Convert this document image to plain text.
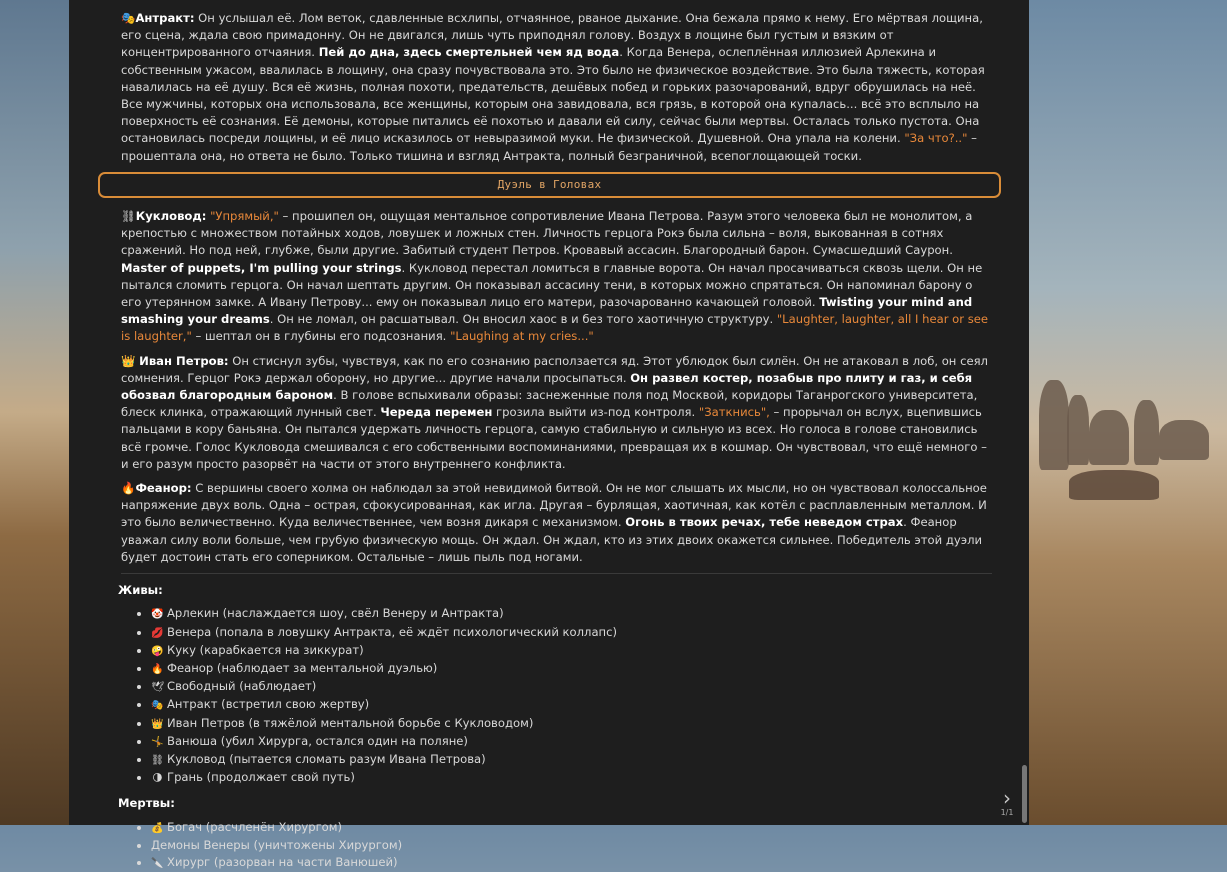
🎭Антракт: Он услышал её. Лом веток, сдавленные всхлипы, отчаянное, рваное дыхание. Она бежала прямо к нему. Его мёртвая лощина, его сцена, ждала свою примадонну. Он не двигался, лишь чуть приподнял голову. Воздух в лощине был густым и вязким от концентрированного отчаяния. Пей до дна, здесь смертельней чем яд вода. Когда Венера, ослеплённая иллюзией Арлекина и собственным ужасом, ввалилась в лощину, она сразу почувствовала это. Это было не физическое воздействие. Это была тяжесть, которая навалилась на её душу. Вся её жизнь, полная похоти, предательств, дешёвых побед и горьких разочарований, вдруг обрушилась на неё. Все мужчины, которых она использовала, все женщины, которым она завидовала, вся грязь, в которой она купалась... всё это всплыло на поверхность её сознания. Её демоны, которые питались её похотью и давали ей силу, сейчас были мертвы. Осталась только пустота. Она остановилась посреди лощины, и её лицо исказилось от невыразимой муки. Не физической. Душевной. Она упала на колени. "За что?.." – прошептала она, но ответа не было. Только тишина и взгляд Антракта, полный безграничной, всепоглощающей тоски.

Дуэль в Головах

⛓Кукловод: "Упрямый," – прошипел он, ощущая ментальное сопротивление Ивана Петрова. Разум этого человека был не монолитом, а крепостью с множеством потайных ходов, ловушек и ложных стен. Личность герцога Рокэ была сильна – воля, выкованная в сотнях сражений. Но под ней, глубже, были другие. Забитый студент Петров. Кровавый ассасин. Благородный барон. Сумасшедший Саурон. Master of puppets, I'm pulling your strings. Кукловод перестал ломиться в главные ворота. Он начал просачиваться сквозь щели. Он не пытался сломить герцога. Он начал шептать другим. Он показывал ассасину тени, в которых можно спрятаться. Он напоминал барону о его утерянном замке. А Ивану Петрову... ему он показывал лицо его матери, разочарованно качающей головой. Twisting your mind and smashing your dreams. Он не ломал, он расшатывал. Он вносил хаос в и без того хаотичную структуру. "Laughter, laughter, all I hear or see is laughter," – шептал он в глубины его подсознания. "Laughing at my cries..."

👑 Иван Петров: Он стиснул зубы, чувствуя, как по его сознанию расползается яд. Этот ублюдок был силён. Он не атаковал в лоб, он сеял сомнения. Герцог Рокэ держал оборону, но другие... другие начали просыпаться. Он развел костер, позабыв про плиту и газ, и себя обозвал благородным бароном. В голове вспыхивали образы: заснеженные поля под Москвой, коридоры Таганрогского университета, блеск клинка, отражающий лунный свет. Череда перемен грозила выйти из-под контроля. "Заткнись", – прорычал он вслух, вцепившись пальцами в кору баньяна. Он пытался удержать личность герцога, самую стабильную и сильную из всех. Но голоса в голове становились всё громче. Голос Кукловода смешивался с его собственными воспоминаниями, превращая их в кошмар. Он чувствовал, что ещё немного – и его разум просто разорвёт на части от этого внутреннего конфликта.

🔥Феанор: С вершины своего холма он наблюдал за этой невидимой битвой. Он не мог слышать их мысли, но он чувствовал колоссальное напряжение двух воль. Одна – острая, сфокусированная, как игла. Другая – бурлящая, хаотичная, как котёл с расплавленным металлом. И это было величественно. Куда величественнее, чем возня дикаря с механизмом. Огонь в твоих речах, тебе неведом страх. Феанор уважал силу воли больше, чем грубую физическую мощь. Он ждал. Он ждал, кто из этих двоих окажется сильнее. Победитель этой дуэли будет достоин стать его соперником. Остальные – лишь пыль под ногами.

Живы:
• 🤡 Арлекин (наслаждается шоу, свёл Венеру и Антракта)
• 💋 Венера (попала в ловушку Антракта, её ждёт психологический коллапс)
• 🤪 Куку (карабкается на зиккурат)
• 🔥 Феанор (наблюдает за ментальной дуэлью)
• 🕊 Свободный (наблюдает)
• 🎭 Антракт (встретил свою жертву)
• 👑 Иван Петров (в тяжёлой ментальной борьбе с Кукловодом)
• 🤸 Ванюша (убил Хирурга, остался один на поляне)
• ⛓ Кукловод (пытается сломать разум Ивана Петрова)
• 🌗 Грань (продолжает свой путь)
Мертвы:
• 💰 Богач (расчленён Хирургом)
• Демоны Венеры (уничтожены Хирургом)
• 🔪 Хирург (разорван на части Ванюшей)
›
1/1
